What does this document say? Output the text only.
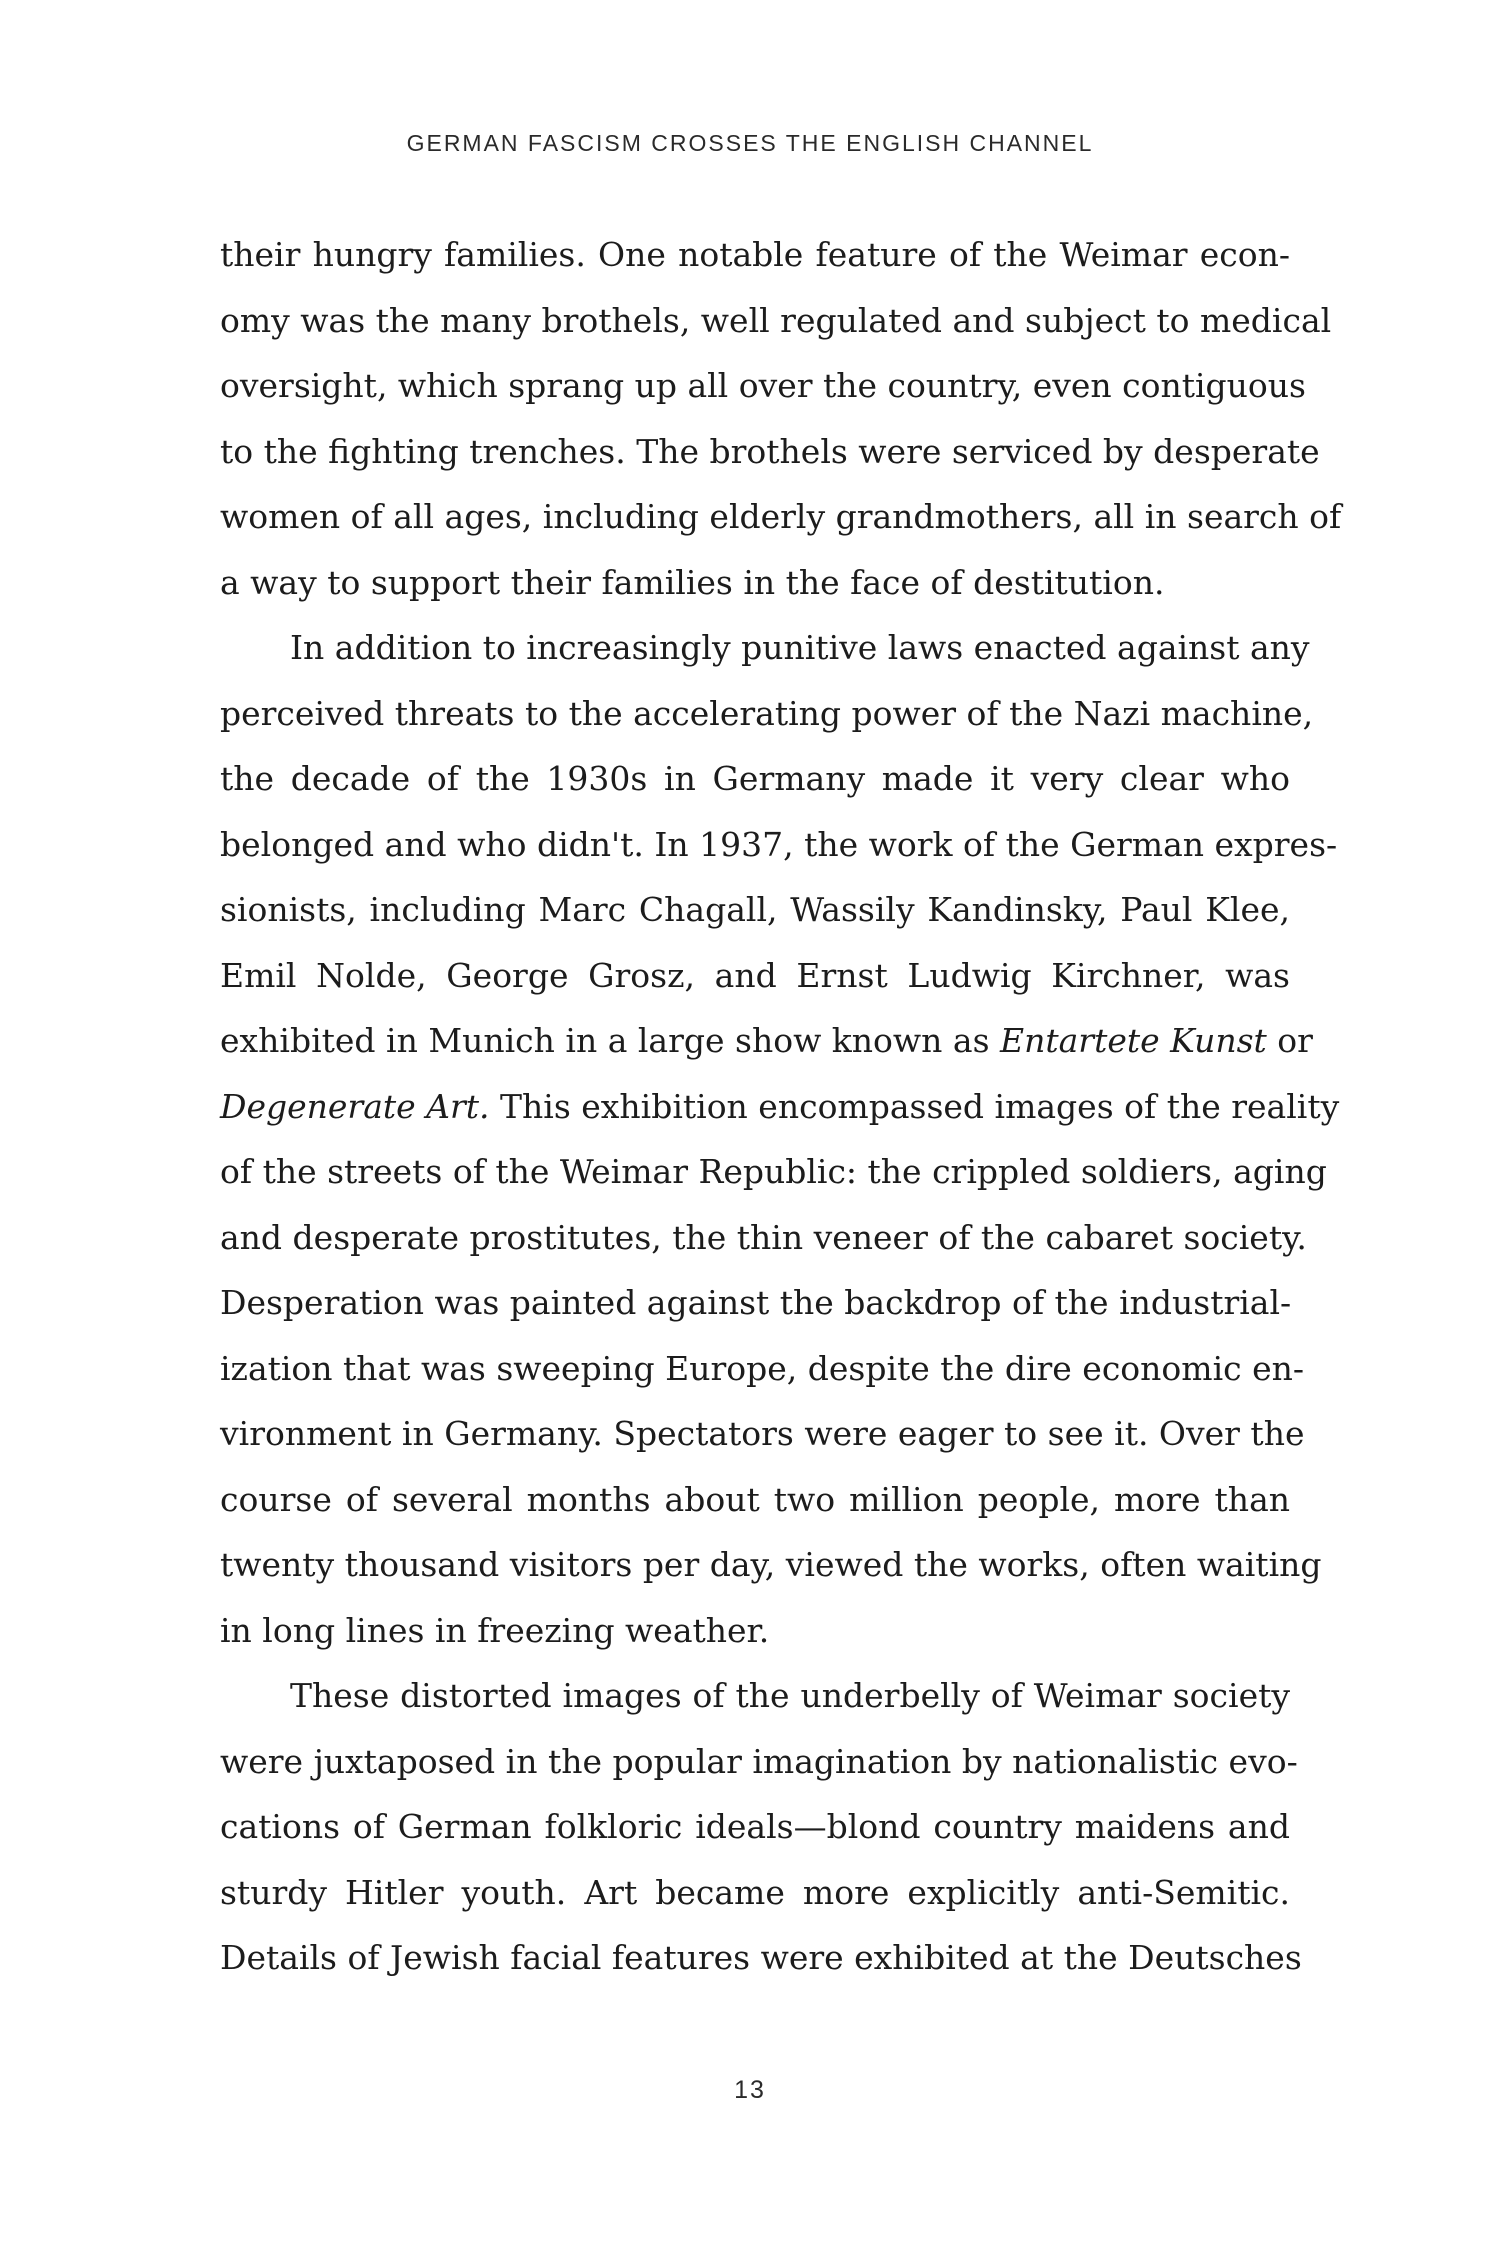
GERMAN FASCISM CROSSES THE ENGLISH CHANNEL
their hungry families. One notable feature of the Weimar econ-
omy was the many brothels, well regulated and subject to medical
oversight, which sprang up all over the country, even contiguous
to the fighting trenches. The brothels were serviced by desperate
women of all ages, including elderly grandmothers, all in search of
a way to support their families in the face of destitution.
In addition to increasingly punitive laws enacted against any
perceived threats to the accelerating power of the Nazi machine,
the decade of the 1930s in Germany made it very clear who
belonged and who didn't. In 1937, the work of the German expres-
sionists, including Marc Chagall, Wassily Kandinsky, Paul Klee,
Emil Nolde, George Grosz, and Ernst Ludwig Kirchner, was
exhibited in Munich in a large show known as Entartete Kunst or
Degenerate Art. This exhibition encompassed images of the reality
of the streets of the Weimar Republic: the crippled soldiers, aging
and desperate prostitutes, the thin veneer of the cabaret society.
Desperation was painted against the backdrop of the industrial-
ization that was sweeping Europe, despite the dire economic en-
vironment in Germany. Spectators were eager to see it. Over the
course of several months about two million people, more than
twenty thousand visitors per day, viewed the works, often waiting
in long lines in freezing weather.
These distorted images of the underbelly of Weimar society
were juxtaposed in the popular imagination by nationalistic evo-
cations of German folkloric ideals—blond country maidens and
sturdy Hitler youth. Art became more explicitly anti-Semitic.
Details of Jewish facial features were exhibited at the Deutsches
13
